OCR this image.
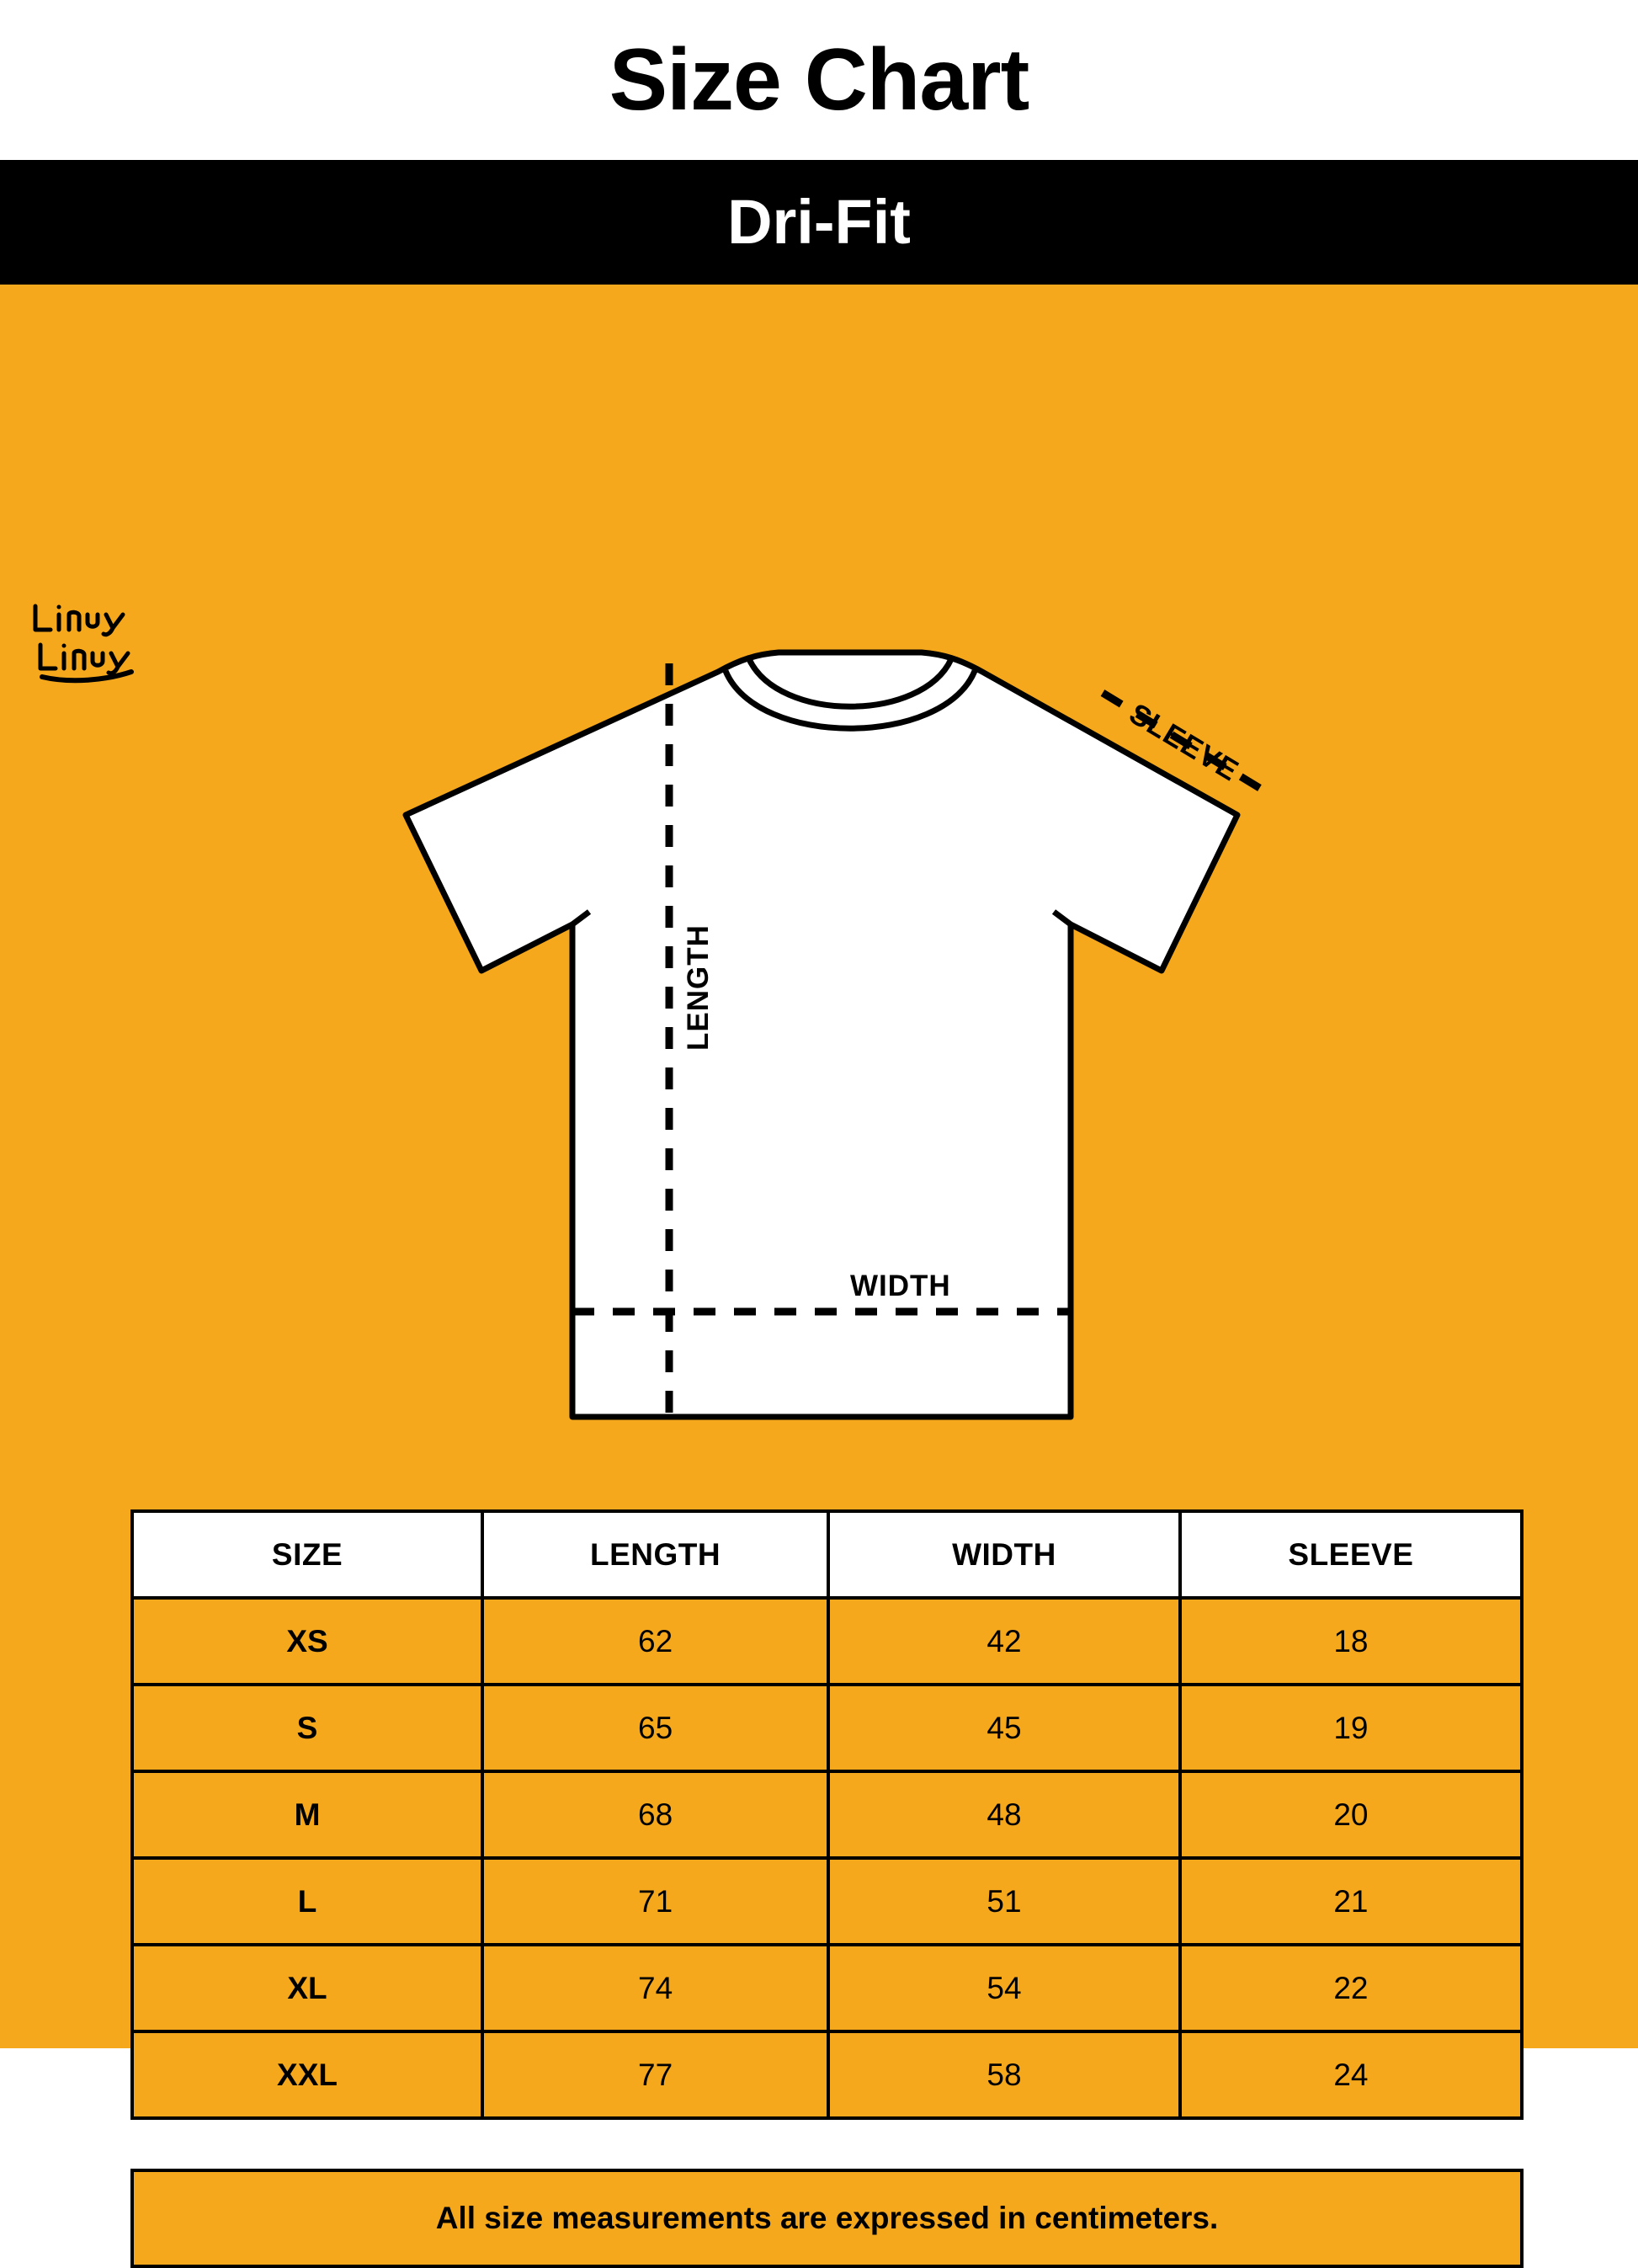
Size Chart
Dri-Fit
LENGTH
WIDTH
SLEEVE
SIZE	LENGTH	WIDTH	SLEEVE
XS	62	42	18
S	65	45	19
M	68	48	20
L	71	51	21
XL	74	54	22
XXL	77	58	24
All size measurements are expressed in centimeters.
